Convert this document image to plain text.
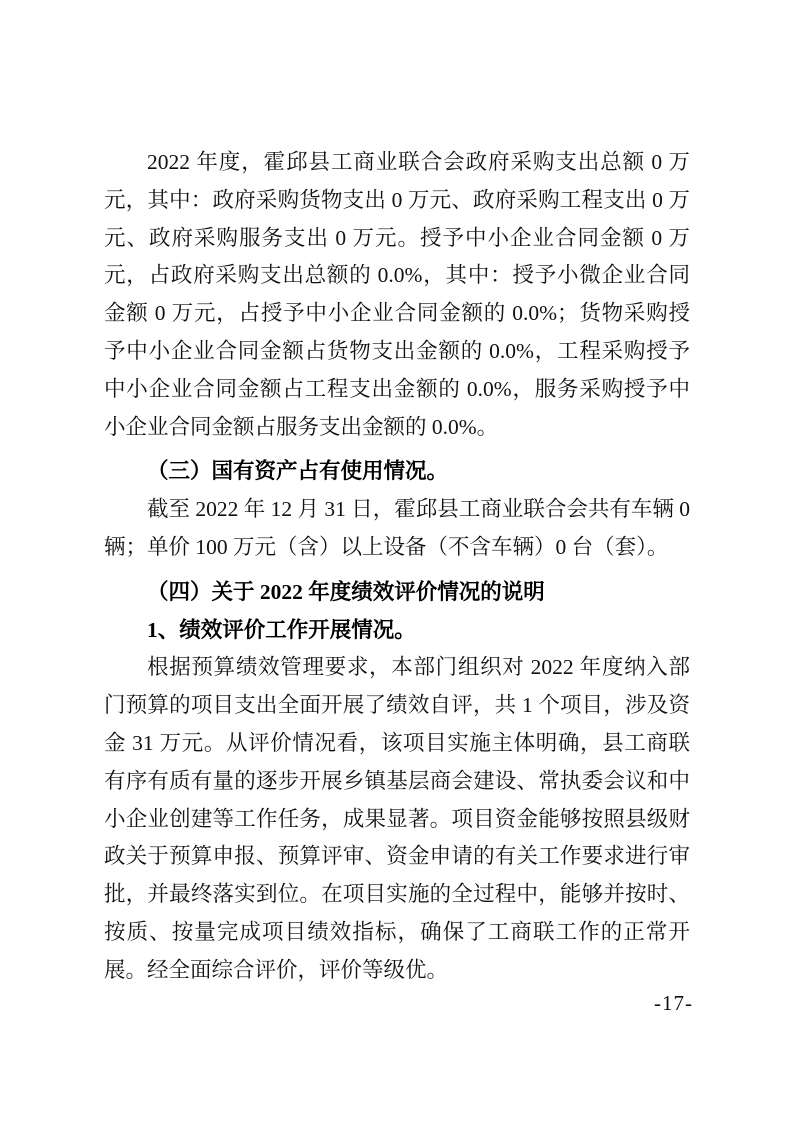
2022 年度，霍邱县工商业联合会政府采购支出总额 0 万元，其中：政府采购货物支出 0 万元、政府采购工程支出 0 万元、政府采购服务支出 0 万元。授予中小企业合同金额 0 万元，占政府采购支出总额的 0.0%，其中：授予小微企业合同金额 0 万元，占授予中小企业合同金额的 0.0%；货物采购授予中小企业合同金额占货物支出金额的 0.0%，工程采购授予中小企业合同金额占工程支出金额的 0.0%，服务采购授予中小企业合同金额占服务支出金额的 0.0%。

（三）国有资产占有使用情况。

截至 2022 年 12 月 31 日，霍邱县工商业联合会共有车辆 0 辆；单价 100 万元（含）以上设备（不含车辆）0 台（套）。

（四）关于 2022 年度绩效评价情况的说明

1、绩效评价工作开展情况。

根据预算绩效管理要求，本部门组织对 2022 年度纳入部门预算的项目支出全面开展了绩效自评，共 1 个项目，涉及资金 31 万元。从评价情况看，该项目实施主体明确，县工商联有序有质有量的逐步开展乡镇基层商会建设、常执委会议和中小企业创建等工作任务，成果显著。项目资金能够按照县级财政关于预算申报、预算评审、资金申请的有关工作要求进行审批，并最终落实到位。在项目实施的全过程中，能够并按时、按质、按量完成项目绩效指标，确保了工商联工作的正常开展。经全面综合评价，评价等级优。

-17-
